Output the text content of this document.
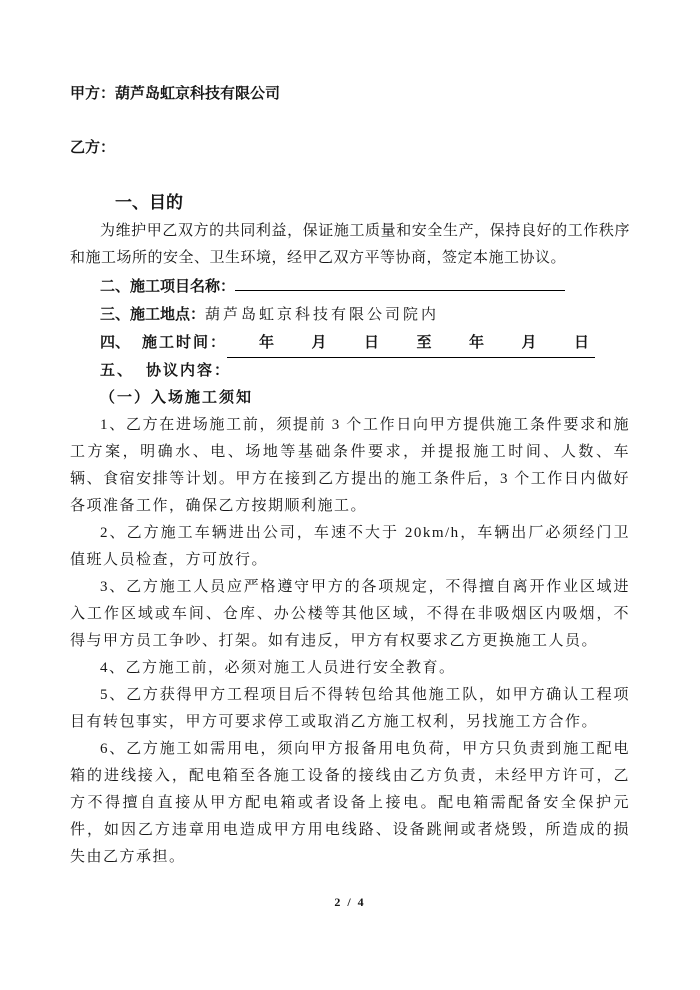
甲方：葫芦岛虹京科技有限公司
乙方：
一、目的

为维护甲乙双方的共同利益，保证施工质量和安全生产，保持良好的工作秩序和施工场所的安全、卫生环境，经甲乙双方平等协商，签定本施工协议。

二、施工项目名称：
三、施工地点：葫芦岛虹京科技有限公司院内
四、 施工时间： 年 月 日 至 年 月 日
五、 协议内容：
（一）入场施工须知

1、乙方在进场施工前，须提前 3 个工作日向甲方提供施工条件要求和施工方案，明确水、电、场地等基础条件要求，并提报施工时间、人数、车辆、食宿安排等计划。甲方在接到乙方提出的施工条件后，3 个工作日内做好各项准备工作，确保乙方按期顺利施工。

2、乙方施工车辆进出公司，车速不大于 20km/h，车辆出厂必须经门卫值班人员检查，方可放行。

3、乙方施工人员应严格遵守甲方的各项规定，不得擅自离开作业区域进入工作区域或车间、仓库、办公楼等其他区域，不得在非吸烟区内吸烟，不得与甲方员工争吵、打架。如有违反，甲方有权要求乙方更换施工人员。

4、乙方施工前，必须对施工人员进行安全教育。

5、乙方获得甲方工程项目后不得转包给其他施工队，如甲方确认工程项目有转包事实，甲方可要求停工或取消乙方施工权利，另找施工方合作。

6、乙方施工如需用电，须向甲方报备用电负荷，甲方只负责到施工配电箱的进线接入，配电箱至各施工设备的接线由乙方负责，未经甲方许可，乙方不得擅自直接从甲方配电箱或者设备上接电。配电箱需配备安全保护元件，如因乙方违章用电造成甲方用电线路、设备跳闸或者烧毁，所造成的损失由乙方承担。

2 / 4
